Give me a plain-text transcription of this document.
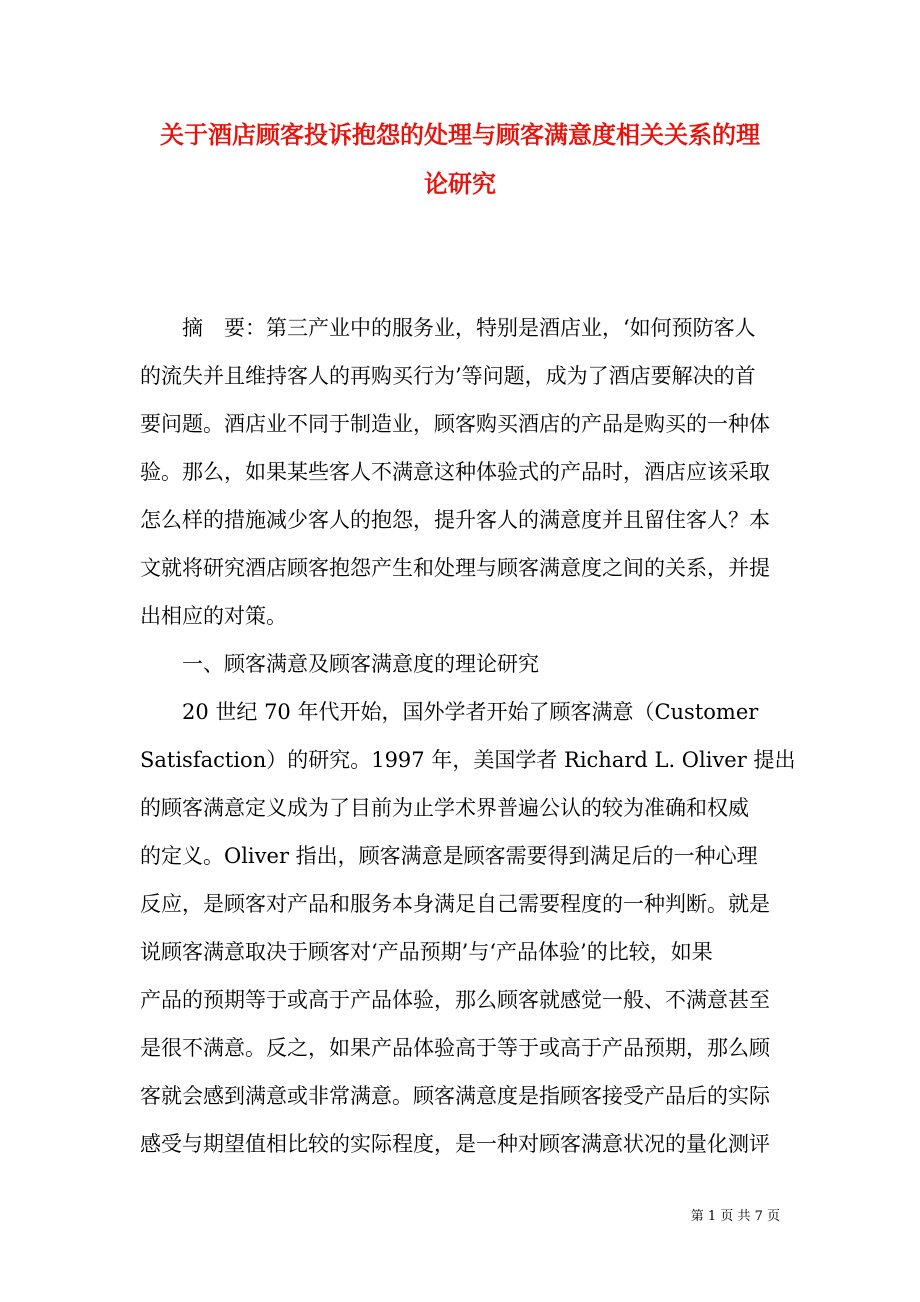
关于酒店顾客投诉抱怨的处理与顾客满意度相关关系的理
论研究
摘　要：第三产业中的服务业，特别是酒店业，‘如何预防客人
的流失并且维持客人的再购买行为’等问题，成为了酒店要解决的首
要问题。酒店业不同于制造业，顾客购买酒店的产品是购买的一种体
验。那么，如果某些客人不满意这种体验式的产品时，酒店应该采取
怎么样的措施减少客人的抱怨，提升客人的满意度并且留住客人？本
文就将研究酒店顾客抱怨产生和处理与顾客满意度之间的关系，并提
出相应的对策。
一、顾客满意及顾客满意度的理论研究
20 世纪 70 年代开始，国外学者开始了顾客满意（Customer
Satisfaction）的研究。1997 年，美国学者 Richard L. Oliver 提出
的顾客满意定义成为了目前为止学术界普遍公认的较为准确和权威
的定义。Oliver 指出，顾客满意是顾客需要得到满足后的一种心理
反应，是顾客对产品和服务本身满足自己需要程度的一种判断。就是
说顾客满意取决于顾客对‘产品预期’与‘产品体验’的比较，如果
产品的预期等于或高于产品体验，那么顾客就感觉一般、不满意甚至
是很不满意。反之，如果产品体验高于等于或高于产品预期，那么顾
客就会感到满意或非常满意。顾客满意度是指顾客接受产品后的实际
感受与期望值相比较的实际程度，是一种对顾客满意状况的量化测评
第 1 页 共 7 页
